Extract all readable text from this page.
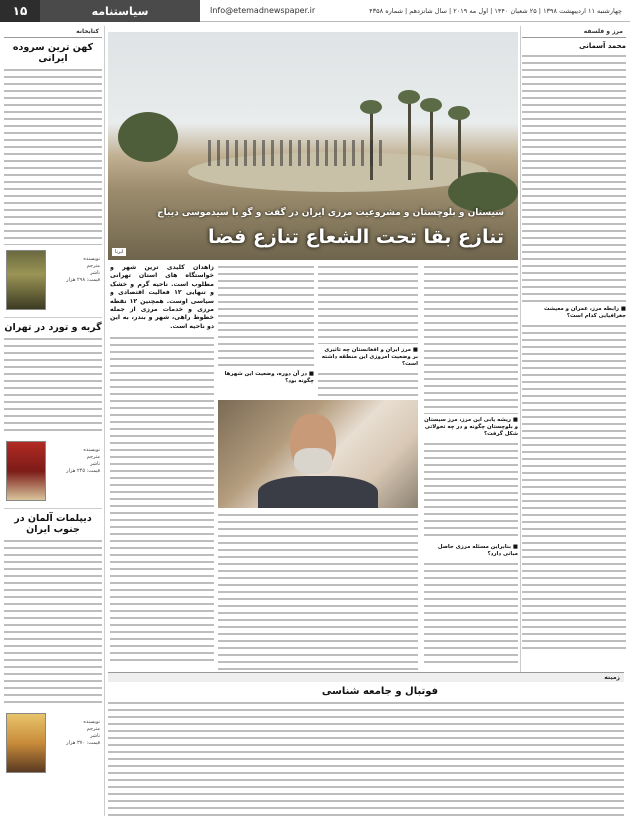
۱۵	سیاستنامه	Info@etemadnewspaper.ir	چهارشنبه ۱۱ اردیبهشت ۱۳۹۸ | ۲۵ شعبان ۱۴۴۰ | اول مه ۲۰۱۹ | سال شانزدهم | شماره ۴۳۵۸
کتابخانه
کهن ترین سروده ایرانی
نویسنده
مترجم
ناشر
قیمت: ۲۹۸ هزار
گربه و تورد در تهران
نویسنده
مترجم
ناشر
قیمت: ۲۴۵ هزار
دیپلمات آلمان در جنوب ایران
نویسنده
مترجم
ناشر
قیمت: ۳۷۰ هزار
مرز و فلسفه
محمد آسمانی
■ رابطه مرز، عمران و معیشت جغرافیایی کدام است؟
سیستان و بلوچستان و مشروعیت مرزی ایران در گفت و گو با سیدموسی دیباج
تنازع بقا تحت الشعاع تنازع فضا
ایرنا
■ ریشه یابی این مرز، مرز سیستان و بلوچستان چگونه و در چه تحولاتی شکل گرفت؟
■ بنابراین مسئله مرزی حاصل مبانی دارد؟
■ مرز ایران و افغانستان چه تاثیری بر وضعیت امروزی این منطقه داشته است؟
■ در آن دوره، وضعیت این شهرها چگونه بود؟
زاهدان کلیدی ترین شهر و خواستگاه های استان تهرانی مطلوب است. ناحیه گرم و خشک و تنهایی ۱۲ فعالیت اقتصادی و سیاسی اوست. همچنین ۱۲ نقطه مرزی و خدمات مرزی از جمله خطوط راهی، شهر و بندر، به این دو ناحیه است.
زمینه
فوتبال و جامعه شناسی
